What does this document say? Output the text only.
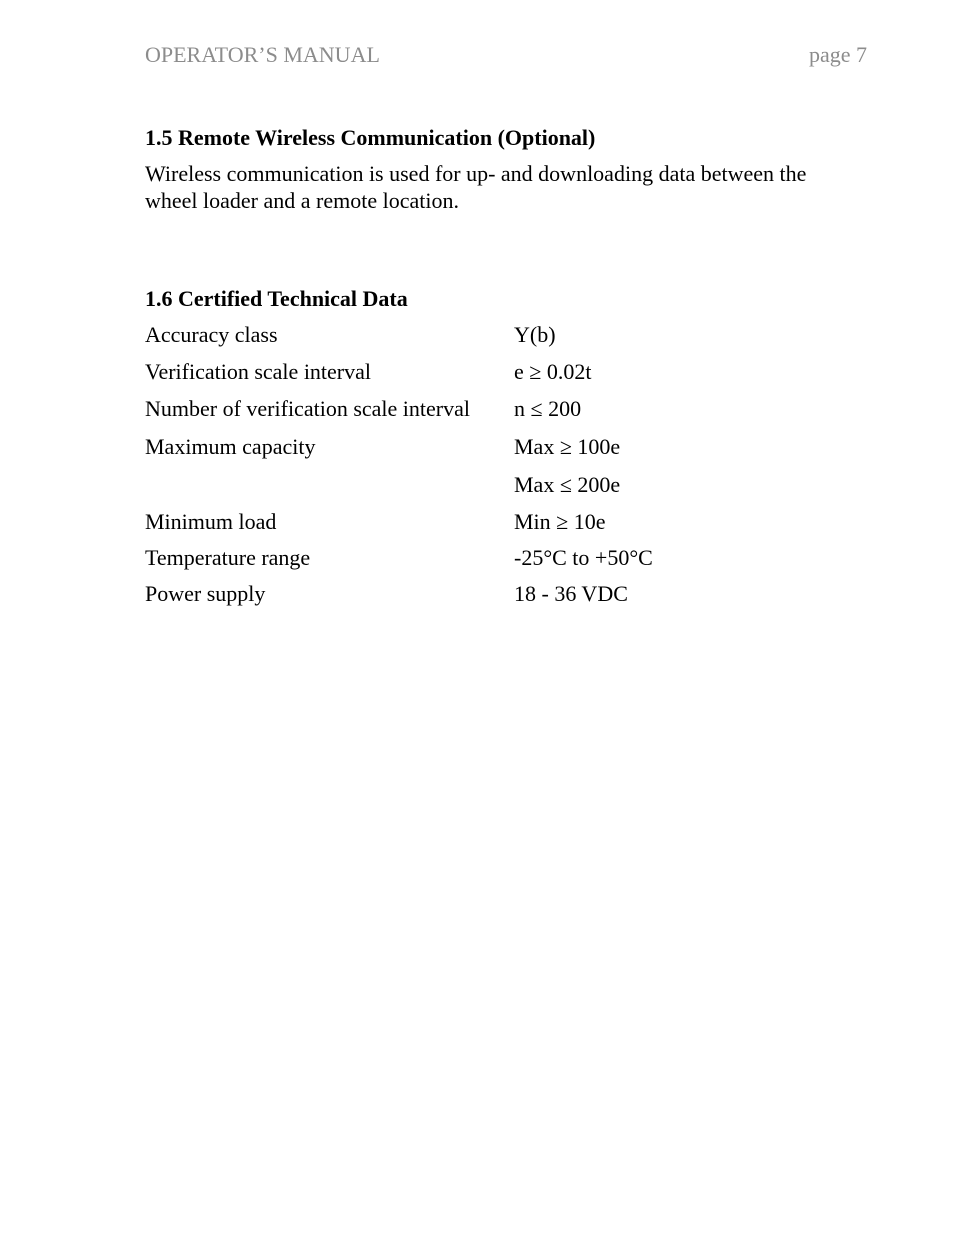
OPERATOR’S MANUAL	page 7
1.5 Remote Wireless Communication (Optional)

Wireless communication is used for up- and downloading data between the wheel loader and a remote location.

1.6 Certified Technical Data
Accuracy class	Y(b)
Verification scale interval	e ≥ 0.02t
Number of verification scale interval n ≤ 200
Maximum capacity	Max ≥ 100e
Max ≤ 200e
Minimum load	Min ≥ 10e
Temperature range	-25°C to +50°C
Power supply	18 - 36 VDC
